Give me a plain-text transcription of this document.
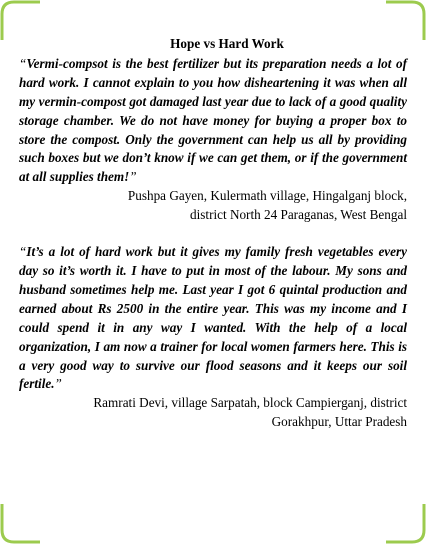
Hope vs Hard Work

“Vermi-compsot is the best fertilizer but its preparation needs a lot of hard work. I cannot explain to you how disheartening it was when all my vermin-compost got damaged last year due to lack of a good quality storage chamber. We do not have money for buying a proper box to store the compost. Only the government can help us all by providing such boxes but we don’t know if we can get them, or if the government at all supplies them!”

Pushpa Gayen, Kulermath village, Hingalganj block,

district North 24 Paraganas, West Bengal

“It’s a lot of hard work but it gives my family fresh vegetables every day so it’s worth it. I have to put in most of the labour. My sons and husband sometimes help me. Last year I got 6 quintal production and earned about Rs 2500 in the entire year. This was my income and I could spend it in any way I wanted. With the help of a local organization, I am now a trainer for local women farmers here. This is a very good way to survive our flood seasons and it keeps our soil fertile.”

Ramrati Devi, village Sarpatah, block Campierganj, district

Gorakhpur, Uttar Pradesh
